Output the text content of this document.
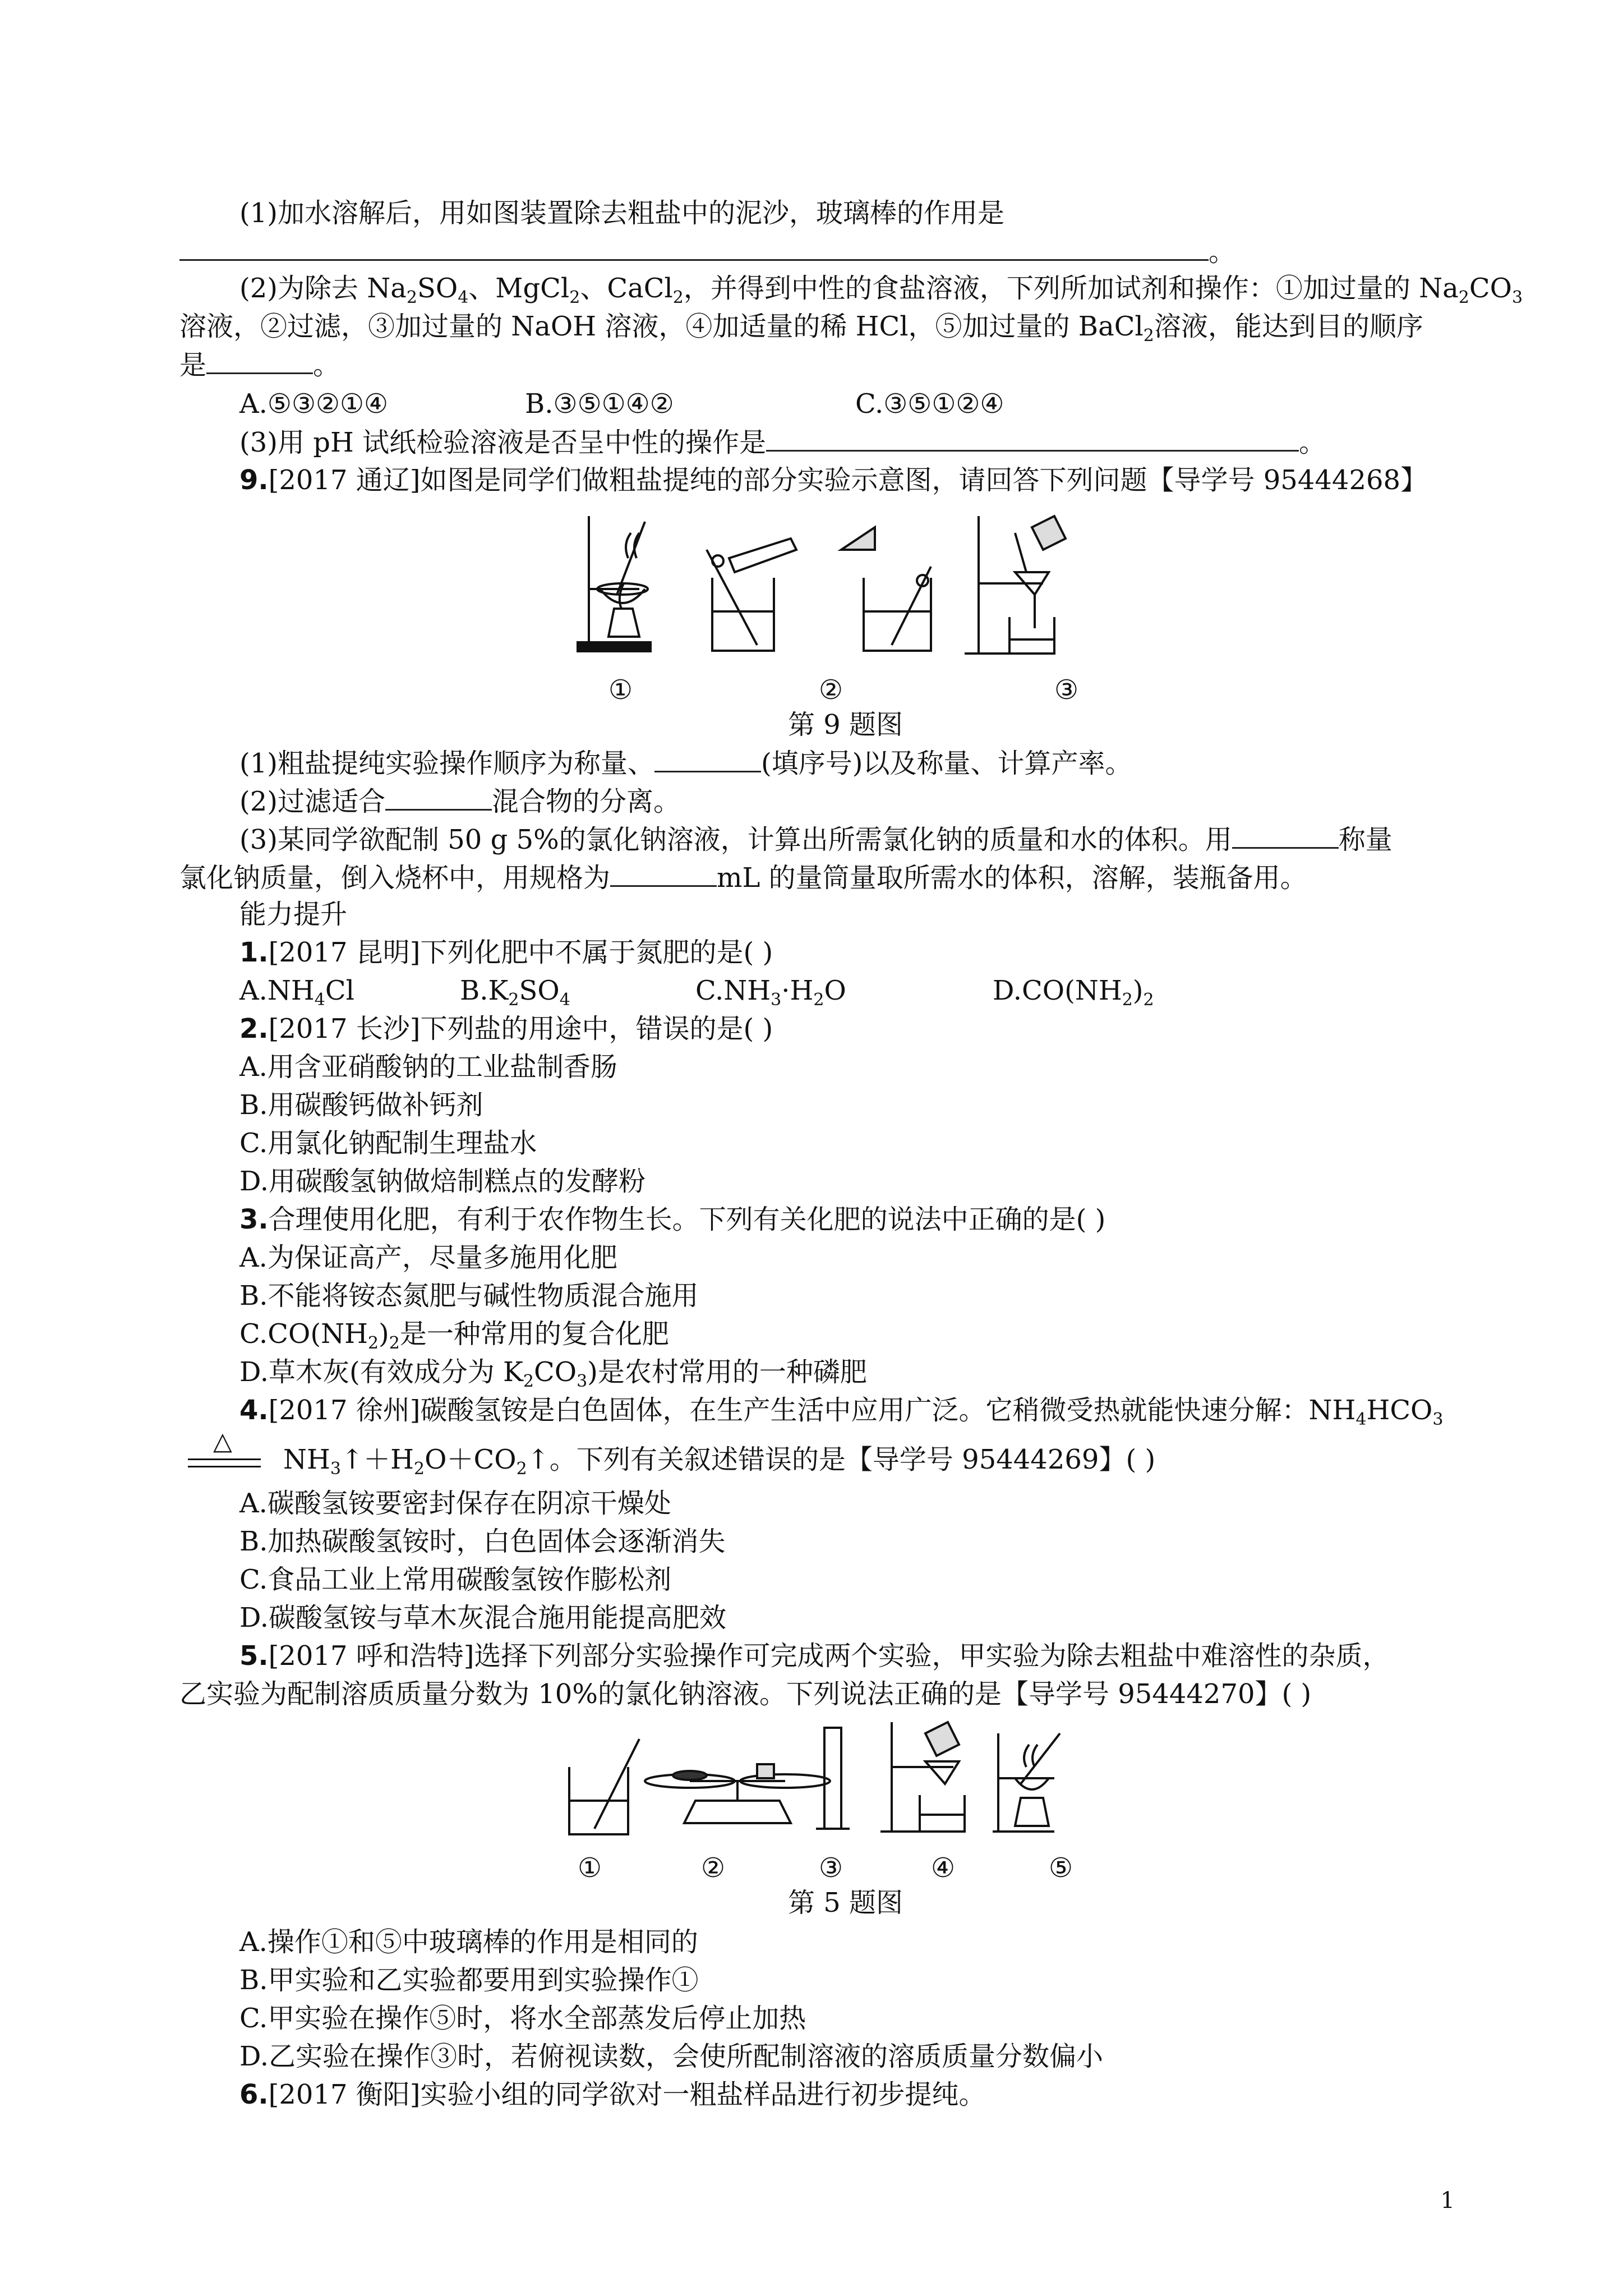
(1)加水溶解后，用如图装置除去粗盐中的泥沙，玻璃棒的作用是
。
(2)为除去 $Na_2SO_4$、MgCl$_2$、CaCl$_2$，并得到中性的食盐溶液，下列所加试剂和操作：①加过量的 $Na_2CO_3$
溶液，②过滤，③加过量的 NaOH 溶液，④加适量的稀 HCl，⑤加过量的 BaCl$_2$溶液，能达到目的顺序
是	。
A.⑤③②①④	B.③⑤①④②	C.③⑤①②④
(3)用 pH 试纸检验溶液是否呈中性的操作是	。
9.[2017 通辽]如图是同学们做粗盐提纯的部分实验示意图，请回答下列问题【导学号 95444268】
①	②	③
第 9 题图
(1)粗盐提纯实验操作顺序为称量、	(填序号)以及称量、计算产率。
(2)过滤适合	混合物的分离。
(3)某同学欲配制 50 g 5%的氯化钠溶液，计算出所需氯化钠的质量和水的体积。用	称量
氯化钠质量，倒入烧杯中，用规格为	mL 的量筒量取所需水的体积，溶解，装瓶备用。
能力提升
1.[2017 昆明]下列化肥中不属于氮肥的是( )
$A.NH_4Cl$	$B.K_2SO_4$	$C.NH_3\cdot H_2O$	$D.CO(NH_2)_2$
2.[2017 长沙]下列盐的用途中，错误的是( )
A.用含亚硝酸钠的工业盐制香肠
B.用碳酸钙做补钙剂
C.用氯化钠配制生理盐水
D.用碳酸氢钠做焙制糕点的发酵粉
3.合理使用化肥，有利于农作物生长。下列有关化肥的说法中正确的是( )
A.为保证高产，尽量多施用化肥
B.不能将铵态氮肥与碱性物质混合施用
$C.CO(NH_2)_2$是一种常用的复合化肥
D.草木灰(有效成分为 $K_2CO_3$)是农村常用的一种磷肥
4.[2017 徐州]碳酸氢铵是白色固体，在生产生活中应用广泛。它稍微受热就能快速分解：$NH_4HCO_3$
△
$NH_3↑+H_2O+CO_2↑$。下列有关叙述错误的是【导学号 95444269】( )
A.碳酸氢铵要密封保存在阴凉干燥处
B.加热碳酸氢铵时，白色固体会逐渐消失
C.食品工业上常用碳酸氢铵作膨松剂
D.碳酸氢铵与草木灰混合施用能提高肥效
5.[2017 呼和浩特]选择下列部分实验操作可完成两个实验，甲实验为除去粗盐中难溶性的杂质，
乙实验为配制溶质质量分数为 10%的氯化钠溶液。下列说法正确的是【导学号 95444270】( )
①	②	③	④	⑤
第 5 题图
A.操作①和⑤中玻璃棒的作用是相同的
B.甲实验和乙实验都要用到实验操作①
C.甲实验在操作⑤时，将水全部蒸发后停止加热
D.乙实验在操作③时，若俯视读数，会使所配制溶液的溶质质量分数偏小
6.[2017 衡阳]实验小组的同学欲对一粗盐样品进行初步提纯。
1
